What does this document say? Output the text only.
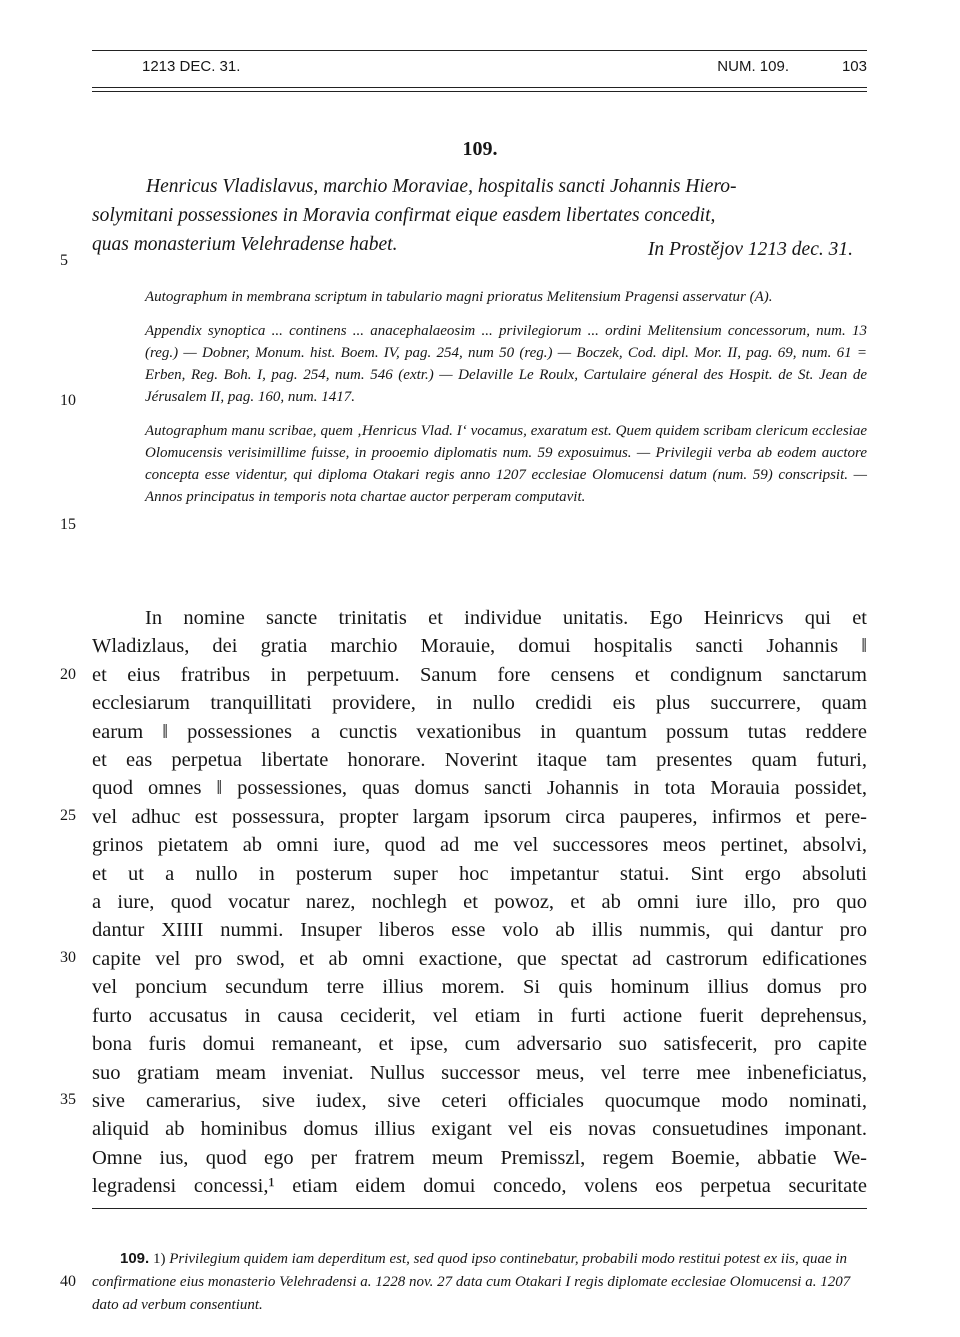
1213 DEC. 31.	NUM. 109.	103
109.
Henricus Vladislavus, marchio Moraviae, hospitalis sancti Johannis Hiero-
solymitani possessiones in Moravia confirmat eique easdem libertates concedit,
quas monasterium Velehradense habet.	In Prostějov 1213 dec. 31.

Autographum in membrana scriptum in tabulario magni prioratus Melitensium Pragensi asservatur (A).

Appendix synoptica ... continens ... anacephalaeosim ... privilegiorum ... ordini Melitensium concessorum, num. 13 (reg.) — Dobner, Monum. hist. Boem. IV, pag. 254, num 50 (reg.) — Boczek, Cod. dipl. Mor. II, pag. 69, num. 61 = Erben, Reg. Boh. I, pag. 254, num. 546 (extr.) — Delaville Le Roulx, Cartulaire géneral des Hospit. de St. Jean de Jérusalem II, pag. 160, num. 1417.

Autographum manu scribae, quem ‚Henricus Vlad. I‘ vocamus, exaratum est. Quem quidem scribam clericum ecclesiae Olomucensis verisimillime fuisse, in prooemio diplomatis num. 59 exposuimus. — Privilegii verba ab eodem auctore concepta esse videntur, qui diploma Otakari regis anno 1207 ecclesiae Olomucensi datum (num. 59) conscripsit. — Annos principatus in temporis nota chartae auctor perperam computavit.

In nomine sancte trinitatis et individue unitatis. Ego Heinricvs qui et
Wladizlaus, dei gratia marchio Morauie, domui hospitalis sancti Johannis ‖
et eius fratribus in perpetuum. Sanum fore censens et condignum sanctarum
ecclesiarum tranquillitati providere, in nullo credidi eis plus succurrere, quam
earum ‖ possessiones a cunctis vexationibus in quantum possum tutas reddere
et eas perpetua libertate honorare. Noverint itaque tam presentes quam futuri,
quod omnes ‖ possessiones, quas domus sancti Johannis in tota Morauia possidet,
vel adhuc est possessura, propter largam ipsorum circa pauperes, infirmos et pere-
grinos pietatem ab omni iure, quod ad me vel successores meos pertinet, absolvi,
et ut a nullo in posterum super hoc impetantur statui. Sint ergo absoluti
a iure, quod vocatur narez, nochlegh et powoz, et ab omni iure illo, pro quo
dantur XIIII nummi. Insuper liberos esse volo ab illis nummis, qui dantur pro
capite vel pro swod, et ab omni exactione, que spectat ad castrorum edificationes
vel poncium secundum terre illius morem. Si quis hominum illius domus pro
furto accusatus in causa ceciderit, vel etiam in furti actione fuerit deprehensus,
bona furis domui remaneant, et ipse, cum adversario suo satisfecerit, pro capite
suo gratiam meam inveniat. Nullus successor meus, vel terre mee inbeneficiatus,
sive camerarius, sive iudex, sive ceteri officiales quocumque modo nominati,
aliquid ab hominibus domus illius exigant vel eis novas consuetudines imponant.
Omne ius, quod ego per fratrem meum Premisszl, regem Boemie, abbatie We-
legradensi concessi,¹ etiam eidem domui concedo, volens eos perpetua securitate
5
10
15
20
25
30
35
40
109. 1) Privilegium quidem iam deperditum est, sed quod ipso continebatur, probabili modo restitui potest ex iis, quae in confirmatione eius monasterio Velehradensi a. 1228 nov. 27 data cum Otakari I regis diplomate ecclesiae Olomucensi a. 1207 dato ad verbum consentiunt.
